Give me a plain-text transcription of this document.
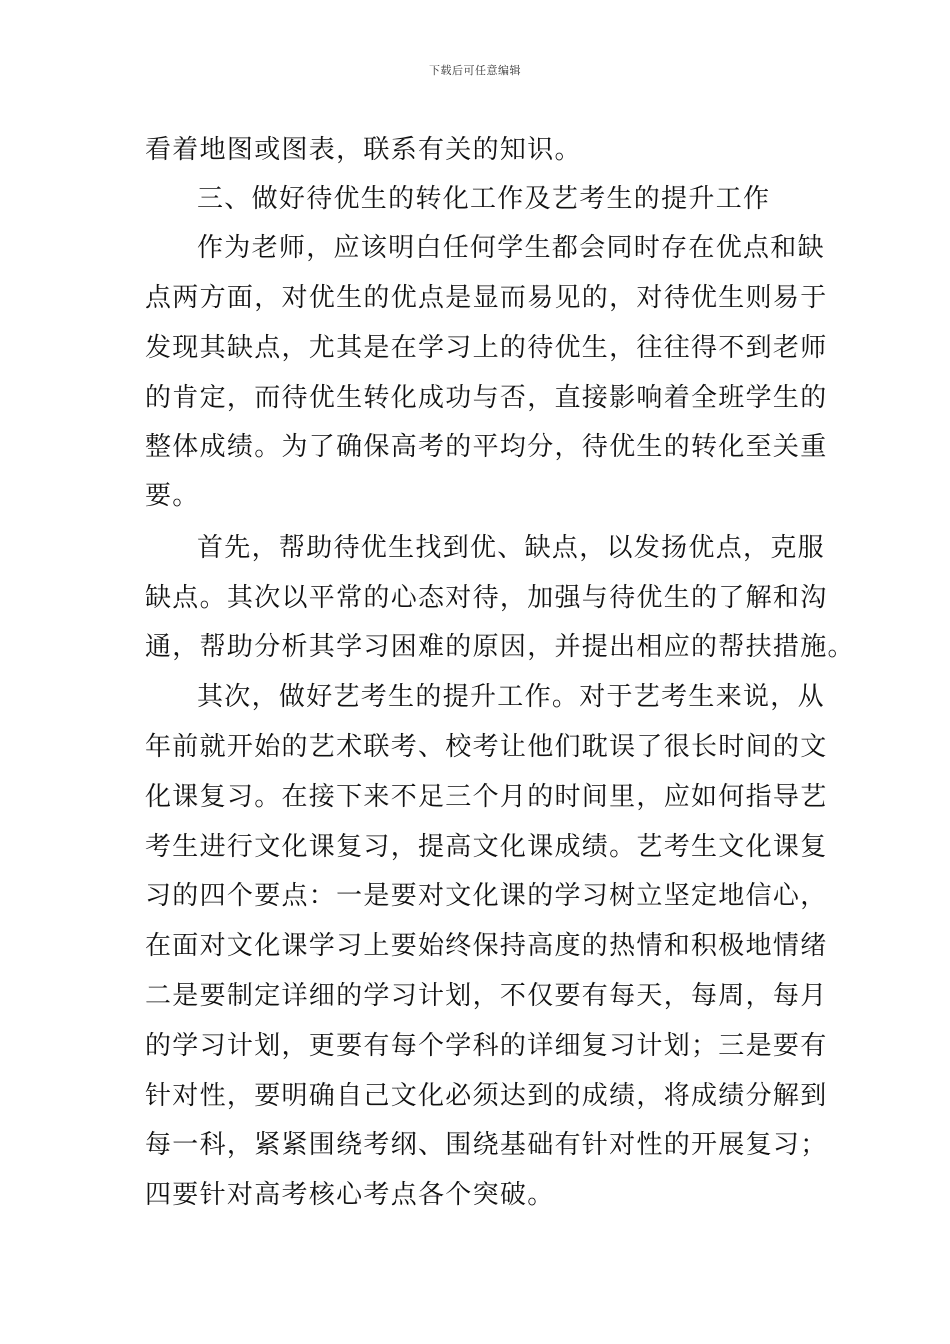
下载后可任意编辑
看着地图或图表，联系有关的知识。
三、做好待优生的转化工作及艺考生的提升工作
作为老师，应该明白任何学生都会同时存在优点和缺
点两方面，对优生的优点是显而易见的，对待优生则易于
发现其缺点，尤其是在学习上的待优生，往往得不到老师
的肯定，而待优生转化成功与否，直接影响着全班学生的
整体成绩。为了确保高考的平均分，待优生的转化至关重
要。
首先，帮助待优生找到优、缺点，以发扬优点，克服
缺点。其次以平常的心态对待，加强与待优生的了解和沟
通，帮助分析其学习困难的原因，并提出相应的帮扶措施。
其次，做好艺考生的提升工作。对于艺考生来说，从
年前就开始的艺术联考、校考让他们耽误了很长时间的文
化课复习。在接下来不足三个月的时间里，应如何指导艺
考生进行文化课复习，提高文化课成绩。艺考生文化课复
习的四个要点：一是要对文化课的学习树立坚定地信心，
在面对文化课学习上要始终保持高度的热情和积极地情绪
二是要制定详细的学习计划，不仅要有每天，每周，每月
的学习计划，更要有每个学科的详细复习计划；三是要有
针对性，要明确自己文化必须达到的成绩，将成绩分解到
每一科，紧紧围绕考纲、围绕基础有针对性的开展复习；
四要针对高考核心考点各个突破。
